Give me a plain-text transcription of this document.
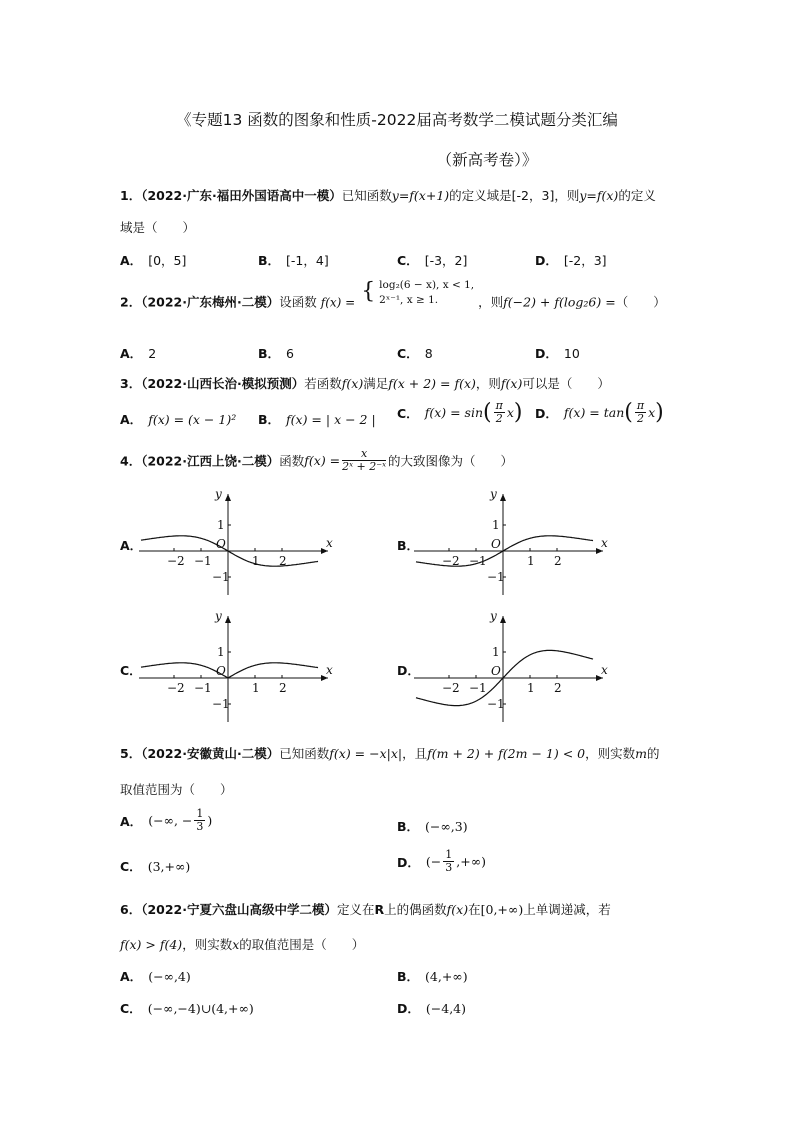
《专题13 函数的图象和性质-2022届高考数学二模试题分类汇编
（新高考卷）》
1．（2022·广东·福田外国语高中一模）已知函数y=f(x+1)的定义域是[-2，3]，则y=f(x)的定义
域是（　　）
A． [0，5]	B． [-1，4]	C． [-3，2]	D． [-2，3]
2．（2022·广东梅州·二模）设函数 f(x) = { log₂(6 − x), x < 1,
2ˣ⁻¹, x ≥ 1.	，则f(−2) + f(log₂6) =（　　）
A． 2	B． 6	C． 8	D． 10
3．（2022·山西长治·模拟预测）若函数f(x)满足f(x + 2) = f(x)，则f(x)可以是（　　）
A． f(x) = (x − 1)² B． f(x) = | x − 2 | C． $f(x) = \sin( \frac{\pi}{2} x)$ D． $f(x) = \tan( \frac{\pi}{2} x)$
4．（2022·江西上饶·二模）函数$f(x) = \frac{x}{\text{2ˣ + 2⁻ˣ}}$ 的大致图像为（　　）
A．	B．
C．	D．
x
y
O
−2 −1	1 2
1
−1
x
y
O
−2 −1	1 2
1
−1
x
y
O
−2 −1	1 2
1
−1
x
y
O
−2 −1	1 2
1
−1
5．（2022·安徽黄山·二模）已知函数f(x) = −x|x|，且f(m + 2) + f(2m − 1) < 0，则实数m的
取值范围为（　　）
A． (−∞, − $\frac{1}{3}$ )	B． (−∞,3)
C． (3,+∞)	D． (− $\frac{1}{3}$ ,+∞)
6．（2022·宁夏六盘山高级中学二模）定义在R上的偶函数f(x)在[0,+∞)上单调递减，若
f(x) > f(4)，则实数x的取值范围是（　　）
A． (−∞,4)	B． (4,+∞)
C． (−∞,−4)∪(4,+∞)	D． (−4,4)
